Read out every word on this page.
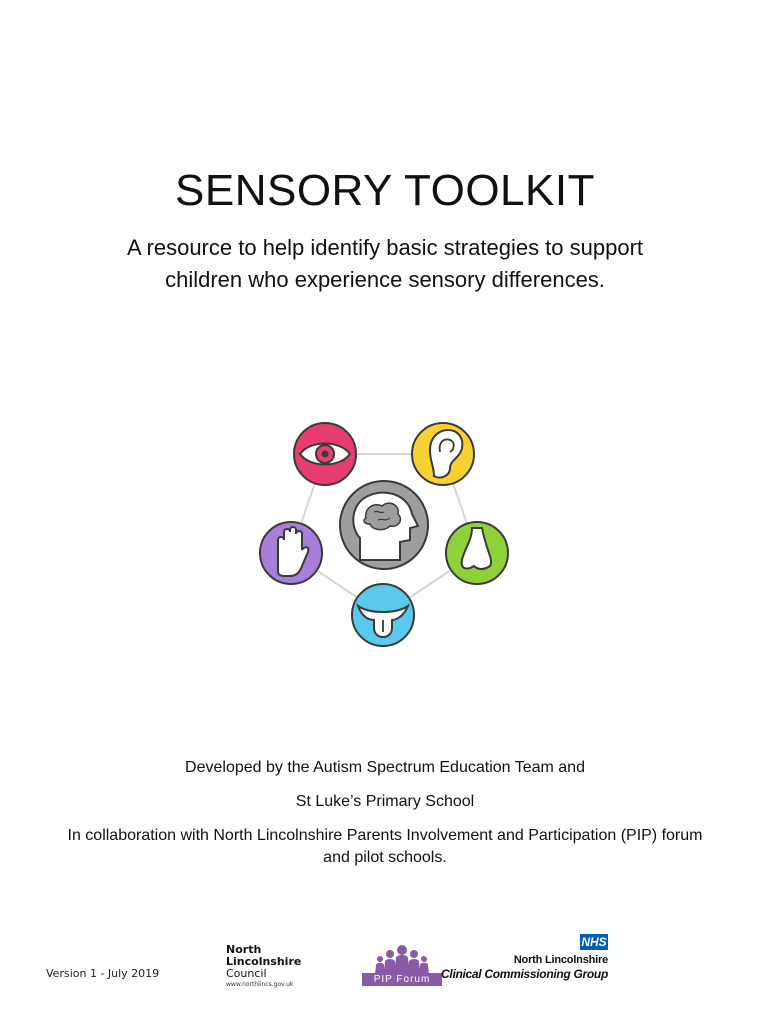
SENSORY TOOLKIT

A resource to help identify basic strategies to support children who experience sensory differences.

Developed by the Autism Spectrum Education Team and

St Luke’s Primary School

In collaboration with North Lincolnshire Parents Involvement and Participation (PIP) forum and pilot schools.

Version 1 - July 2019
North
Lincolnshire
Council
www.northlincs.gov.uk	PIP Forum
NHS
North Lincolnshire
Clinical Commissioning Group
